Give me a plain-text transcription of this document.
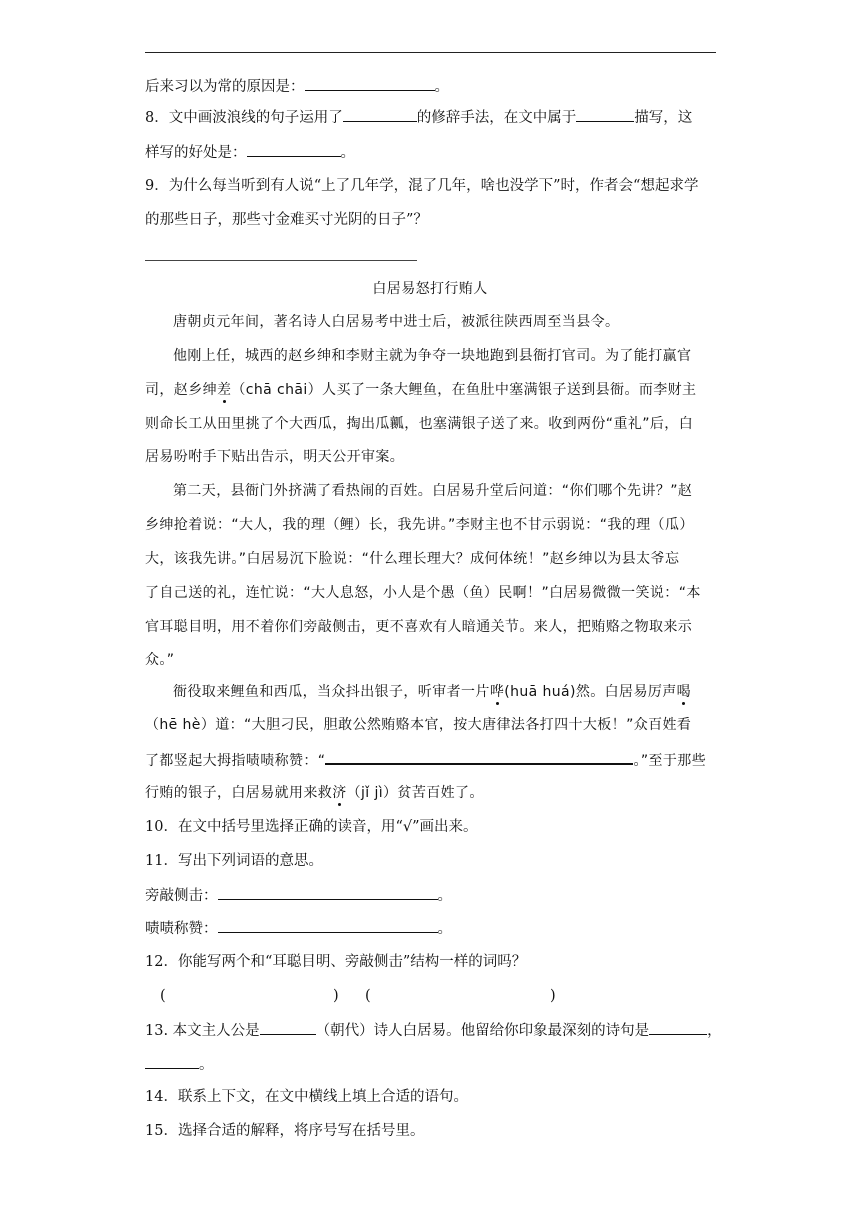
后来习以为常的原因是：	。
8．文中画波浪线的句子运用了	的修辞手法，在文中属于	描写，这
样写的好处是：	。
9．为什么每当听到有人说“上了几年学，混了几年，啥也没学下”时，作者会“想起求学
的那些日子，那些寸金难买寸光阴的日子”？
白居易怒打行贿人
唐朝贞元年间，著名诗人白居易考中进士后，被派往陕西周至当县令。
他刚上任，城西的赵乡绅和李财主就为争夺一块地跑到县衙打官司。为了能打赢官
司，赵乡绅差（chā chāi）人买了一条大鲤鱼，在鱼肚中塞满银子送到县衙。而李财主
则命长工从田里挑了个大西瓜，掏出瓜瓤，也塞满银子送了来。收到两份“重礼”后，白
居易吩咐手下贴出告示，明天公开审案。
第二天，县衙门外挤满了看热闹的百姓。白居易升堂后问道：“你们哪个先讲？”赵
乡绅抢着说：“大人，我的理（鲤）长，我先讲。”李财主也不甘示弱说：“我的理（瓜）
大，该我先讲。”白居易沉下脸说：“什么理长理大？成何体统！”赵乡绅以为县太爷忘
了自己送的礼，连忙说：“大人息怒，小人是个愚（鱼）民啊！”白居易微微一笑说：“本
官耳聪目明，用不着你们旁敲侧击，更不喜欢有人暗通关节。来人，把贿赂之物取来示
众。”
衙役取来鲤鱼和西瓜，当众抖出银子，听审者一片哗(huā huá)然。白居易厉声喝
（hē hè）道：“大胆刁民，胆敢公然贿赂本官，按大唐律法各打四十大板！”众百姓看
了都竖起大拇指啧啧称赞：“	。”至于那些
行贿的银子，白居易就用来救济（jǐ jì）贫苦百姓了。
10．在文中括号里选择正确的读音，用“√”画出来。
11．写出下列词语的意思。
旁敲侧击：	。
啧啧称赞：	。
12．你能写两个和“耳聪目明、旁敲侧击”结构一样的词吗？
(	) (	)
13. 本文主人公是	（朝代）诗人白居易。他留给你印象最深刻的诗句是	，
。
14．联系上下文，在文中横线上填上合适的语句。
15．选择合适的解释，将序号写在括号里。
